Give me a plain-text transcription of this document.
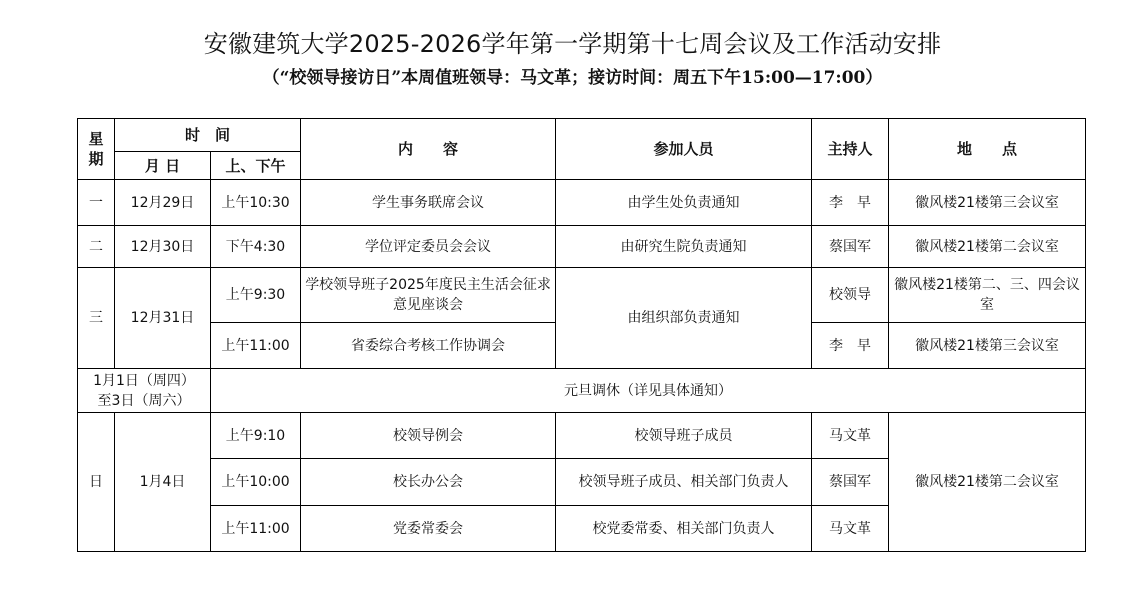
安徽建筑大学2025-2026学年第一学期第十七周会议及工作活动安排
（“校领导接访日”本周值班领导：马文革；接访时间：周五下午15:00—17:00）
星
期	时　间		内　　容	参加人员	主持人	地　　点
	月 日	上、下午				
一	12月29日	上午10:30	学生事务联席会议	由学生处负责通知	李　早	徽风楼21楼第三会议室
二	12月30日	下午4:30	学位评定委员会会议	由研究生院负责通知	蔡国军	徽风楼21楼第二会议室
三	12月31日	上午9:30	学校领导班子2025年度民主生活会征求意见座谈会	由组织部负责通知	校领导	徽风楼21楼第二、三、四会议室
		上午11:00	省委综合考核工作协调会		李　早	徽风楼21楼第三会议室

1月1日（周四）
至3日（周六）		元旦调休（详见具体通知）				
日	1月4日	上午9:10	校领导例会	校领导班子成员	马文革	徽风楼21楼第二会议室
		上午10:00	校长办公会	校领导班子成员、相关部门负责人	蔡国军	
		上午11:00	党委常委会	校党委常委、相关部门负责人	马文革	
